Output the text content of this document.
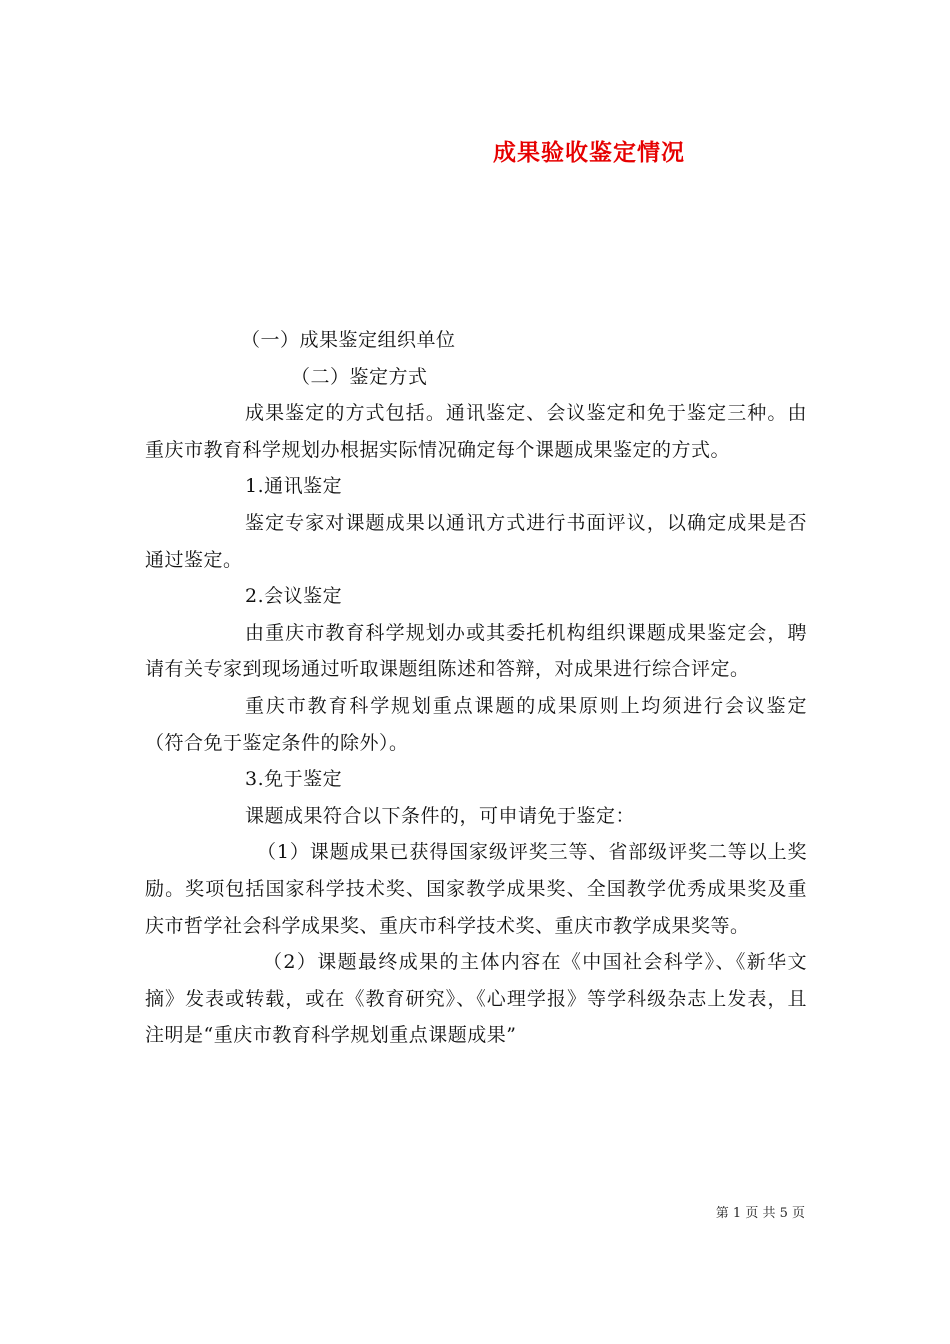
成果验收鉴定情况

（一）成果鉴定组织单位

（二）鉴定方式

成果鉴定的方式包括。通讯鉴定、会议鉴定和免于鉴定三种。由重庆市教育科学规划办根据实际情况确定每个课题成果鉴定的方式。

1.通讯鉴定

鉴定专家对课题成果以通讯方式进行书面评议，以确定成果是否通过鉴定。

2.会议鉴定

由重庆市教育科学规划办或其委托机构组织课题成果鉴定会，聘请有关专家到现场通过听取课题组陈述和答辩，对成果进行综合评定。

重庆市教育科学规划重点课题的成果原则上均须进行会议鉴定（符合免于鉴定条件的除外）。

3.免于鉴定

课题成果符合以下条件的，可申请免于鉴定：

（1）课题成果已获得国家级评奖三等、省部级评奖二等以上奖励。奖项包括国家科学技术奖、国家教学成果奖、全国教学优秀成果奖及重庆市哲学社会科学成果奖、重庆市科学技术奖、重庆市教学成果奖等。

（2）课题最终成果的主体内容在《中国社会科学》、《新华文摘》发表或转载，或在《教育研究》、《心理学报》等学科级杂志上发表，且注明是“重庆市教育科学规划重点课题成果”

第 1 页 共 5 页
